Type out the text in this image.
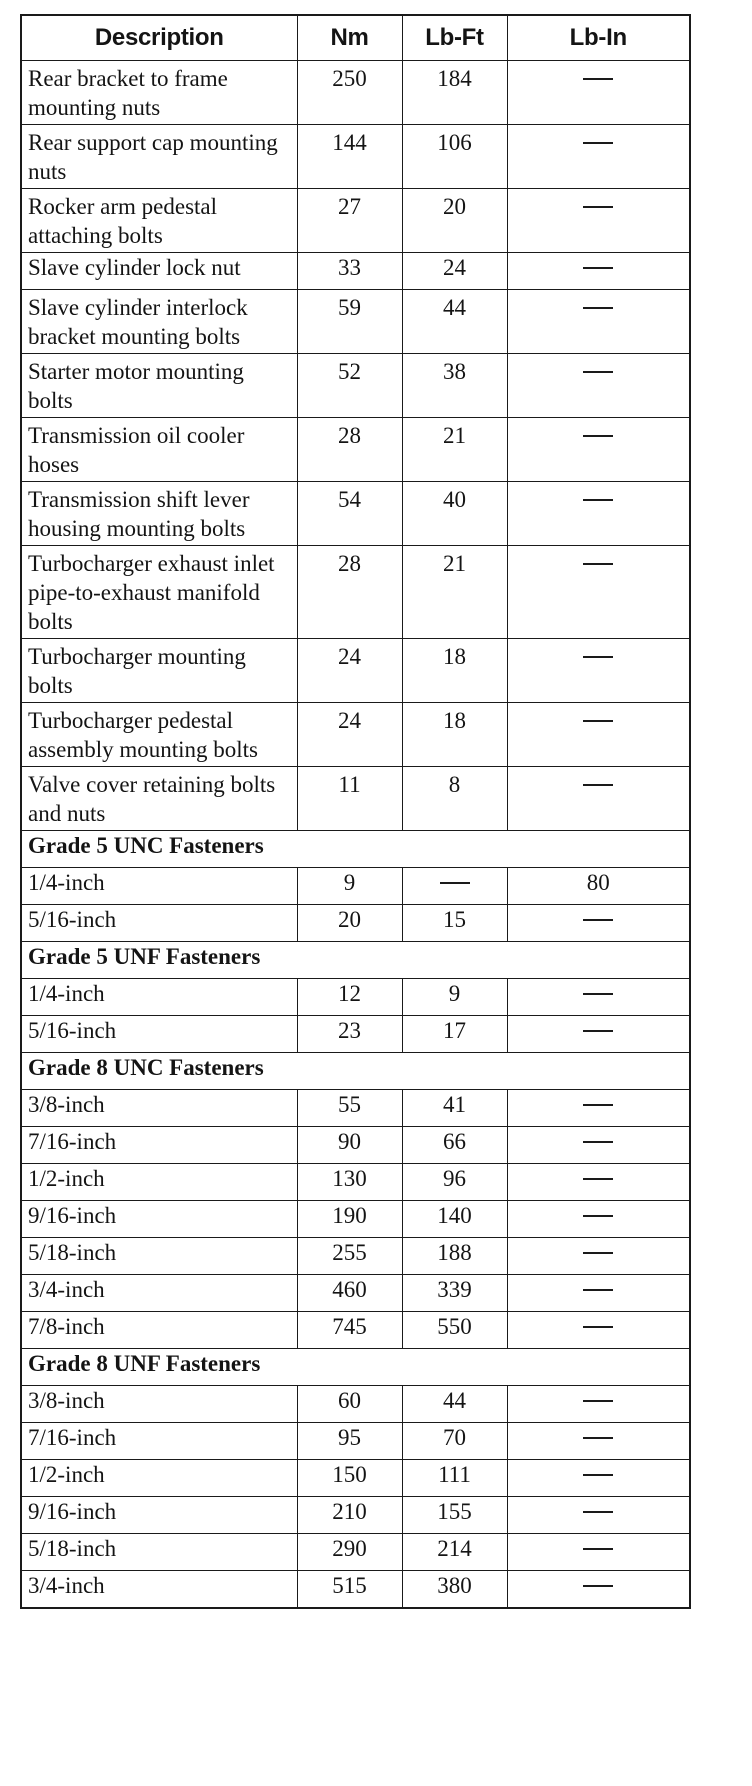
Description	Nm	Lb-Ft	Lb-In
Rear bracket to frame mounting nuts	250	184	
Rear support cap mounting nuts	144	106	
Rocker arm pedestal attaching bolts	27	20	
Slave cylinder lock nut	33	24	
Slave cylinder interlock bracket mounting bolts	59	44	
Starter motor mounting bolts	52	38	
Transmission oil cooler hoses	28	21	
Transmission shift lever housing mounting bolts	54	40	
Turbocharger exhaust inlet pipe-to-exhaust manifold bolts	28	21	
Turbocharger mounting bolts	24	18	
Turbocharger pedestal assembly mounting bolts	24	18	
Valve cover retaining bolts and nuts	11	8	
Grade 5 UNC Fasteners			
1/4-inch	9		80
5/16-inch	20	15	
Grade 5 UNF Fasteners			
1/4-inch	12	9	
5/16-inch	23	17	
Grade 8 UNC Fasteners			
3/8-inch	55	41	
7/16-inch	90	66	
1/2-inch	130	96	
9/16-inch	190	140	
5/18-inch	255	188	
3/4-inch	460	339	
7/8-inch	745	550	
Grade 8 UNF Fasteners			
3/8-inch	60	44	
7/16-inch	95	70	
1/2-inch	150	111	
9/16-inch	210	155	
5/18-inch	290	214	
3/4-inch	515	380	
